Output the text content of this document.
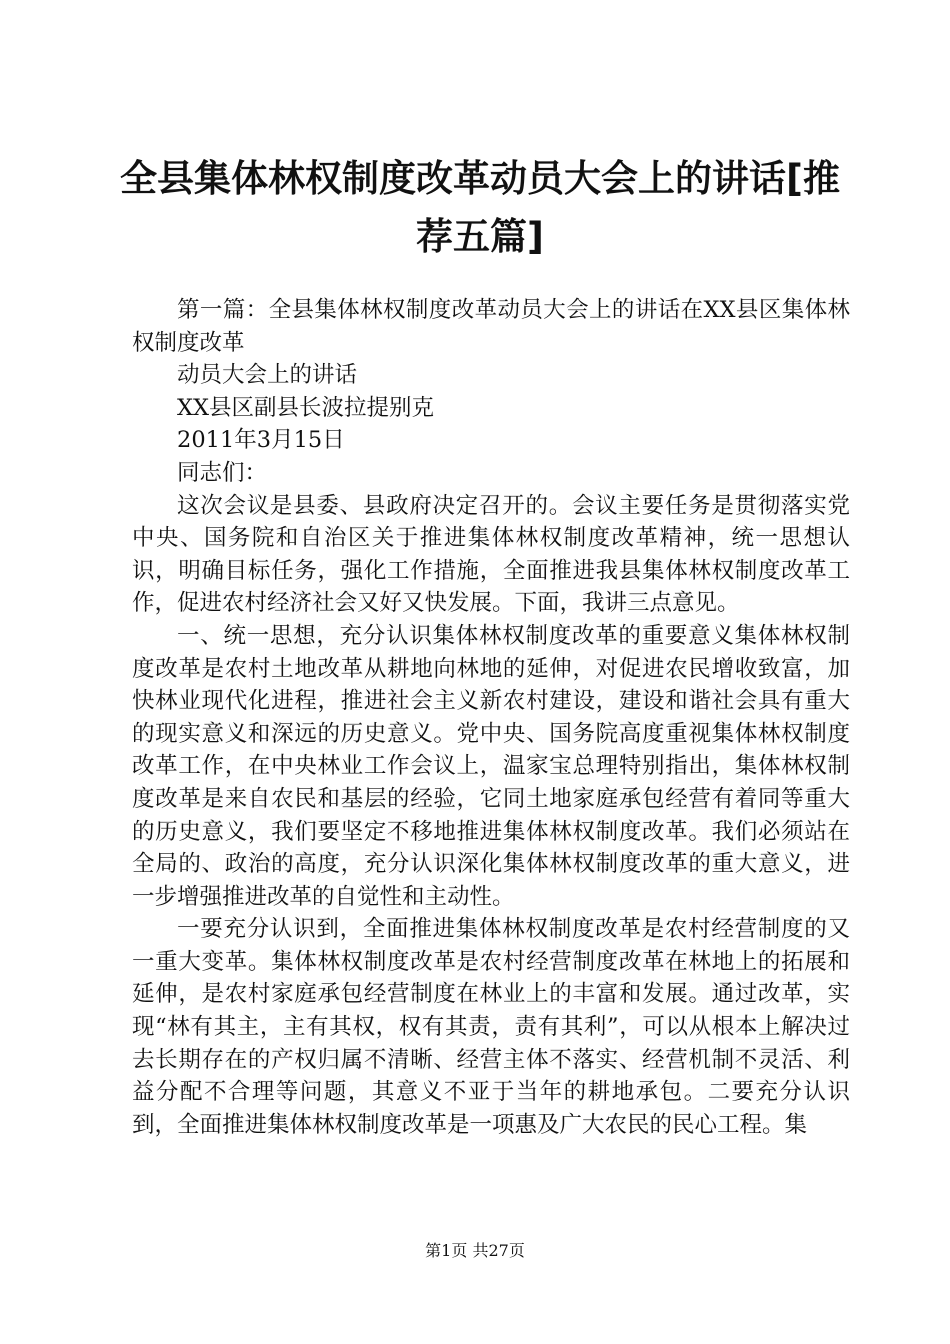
全县集体林权制度改革动员大会上的讲话[推荐五篇]

第一篇：全县集体林权制度改革动员大会上的讲话在XX县区集体林权制度改革

动员大会上的讲话

XX县区副县长波拉提别克

2011年3月15日

同志们：

这次会议是县委、县政府决定召开的。会议主要任务是贯彻落实党中央、国务院和自治区关于推进集体林权制度改革精神，统一思想认识，明确目标任务，强化工作措施，全面推进我县集体林权制度改革工作，促进农村经济社会又好又快发展。下面，我讲三点意见。

一、统一思想，充分认识集体林权制度改革的重要意义集体林权制度改革是农村土地改革从耕地向林地的延伸，对促进农民增收致富，加快林业现代化进程，推进社会主义新农村建设，建设和谐社会具有重大的现实意义和深远的历史意义。党中央、国务院高度重视集体林权制度改革工作，在中央林业工作会议上，温家宝总理特别指出，集体林权制度改革是来自农民和基层的经验，它同土地家庭承包经营有着同等重大的历史意义，我们要坚定不移地推进集体林权制度改革。我们必须站在全局的、政治的高度，充分认识深化集体林权制度改革的重大意义，进一步增强推进改革的自觉性和主动性。

一要充分认识到，全面推进集体林权制度改革是农村经营制度的又一重大变革。集体林权制度改革是农村经营制度改革在林地上的拓展和延伸，是农村家庭承包经营制度在林业上的丰富和发展。通过改革，实现“林有其主，主有其权，权有其责，责有其利”，可以从根本上解决过去长期存在的产权归属不清晰、经营主体不落实、经营机制不灵活、利益分配不合理等问题，其意义不亚于当年的耕地承包。二要充分认识到，全面推进集体林权制度改革是一项惠及广大农民的民心工程。集

第1页 共27页
